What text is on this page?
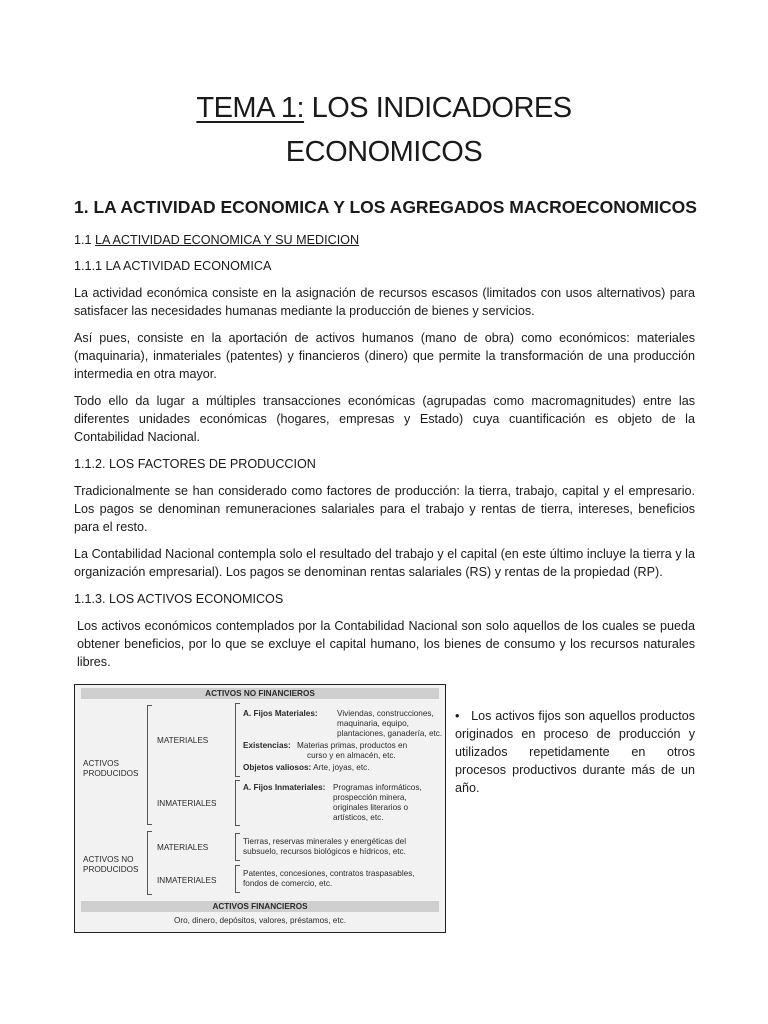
TEMA 1: LOS INDICADORES
ECONOMICOS
1. LA ACTIVIDAD ECONOMICA Y LOS AGREGADOS MACROECONOMICOS
1.1 LA ACTIVIDAD ECONOMICA Y SU MEDICION
1.1.1 LA ACTIVIDAD ECONOMICA
La actividad económica consiste en la asignación de recursos escasos (limitados con usos alternativos) para satisfacer las necesidades humanas mediante la producción de bienes y servicios.
Así pues, consiste en la aportación de activos humanos (mano de obra) como económicos: materiales (maquinaria), inmateriales (patentes) y financieros (dinero) que permite la transformación de una producción intermedia en otra mayor.
Todo ello da lugar a múltiples transacciones económicas (agrupadas como macromagnitudes) entre las diferentes unidades económicas (hogares, empresas y Estado) cuya cuantificación es objeto de la Contabilidad Nacional.
1.1.2. LOS FACTORES DE PRODUCCION
Tradicionalmente se han considerado como factores de producción: la tierra, trabajo, capital y el empresario. Los pagos se denominan remuneraciones salariales para el trabajo y rentas de tierra, intereses, beneficios para el resto.
La Contabilidad Nacional contempla solo el resultado del trabajo y el capital (en este último incluye la tierra y la organización empresarial). Los pagos se denominan rentas salariales (RS) y rentas de la propiedad (RP).
1.1.3. LOS ACTIVOS ECONOMICOS
Los activos económicos contemplados por la Contabilidad Nacional son solo aquellos de los cuales se pueda obtener beneficios, por lo que se excluye el capital humano, los bienes de consumo y los recursos naturales libres.
ACTIVOS NO FINANCIEROS
ACTIVOS
PRODUCIDOS
MATERIALES
A. Fijos Materiales: Viviendas, construcciones,
maquinaria, equipo,
plantaciones, ganadería, etc.
Existencias: Materias primas, productos en
curso y en almacén, etc.
Objetos valiosos: Arte, joyas, etc.
INMATERIALES
A. Fijos Inmateriales: Programas informáticos,
prospección minera,
originales literarios o
artísticos, etc.
ACTIVOS NO
PRODUCIDOS
MATERIALES
Tierras, reservas minerales y energéticas del
subsuelo, recursos biológicos e hídricos, etc.
INMATERIALES
Patentes, concesiones, contratos traspasables,
fondos de comercio, etc.
ACTIVOS FINANCIEROS
Oro, dinero, depósitos, valores, préstamos, etc.
• Los activos fijos son aquellos productos originados en proceso de producción y utilizados repetidamente en otros procesos productivos durante más de un año.
